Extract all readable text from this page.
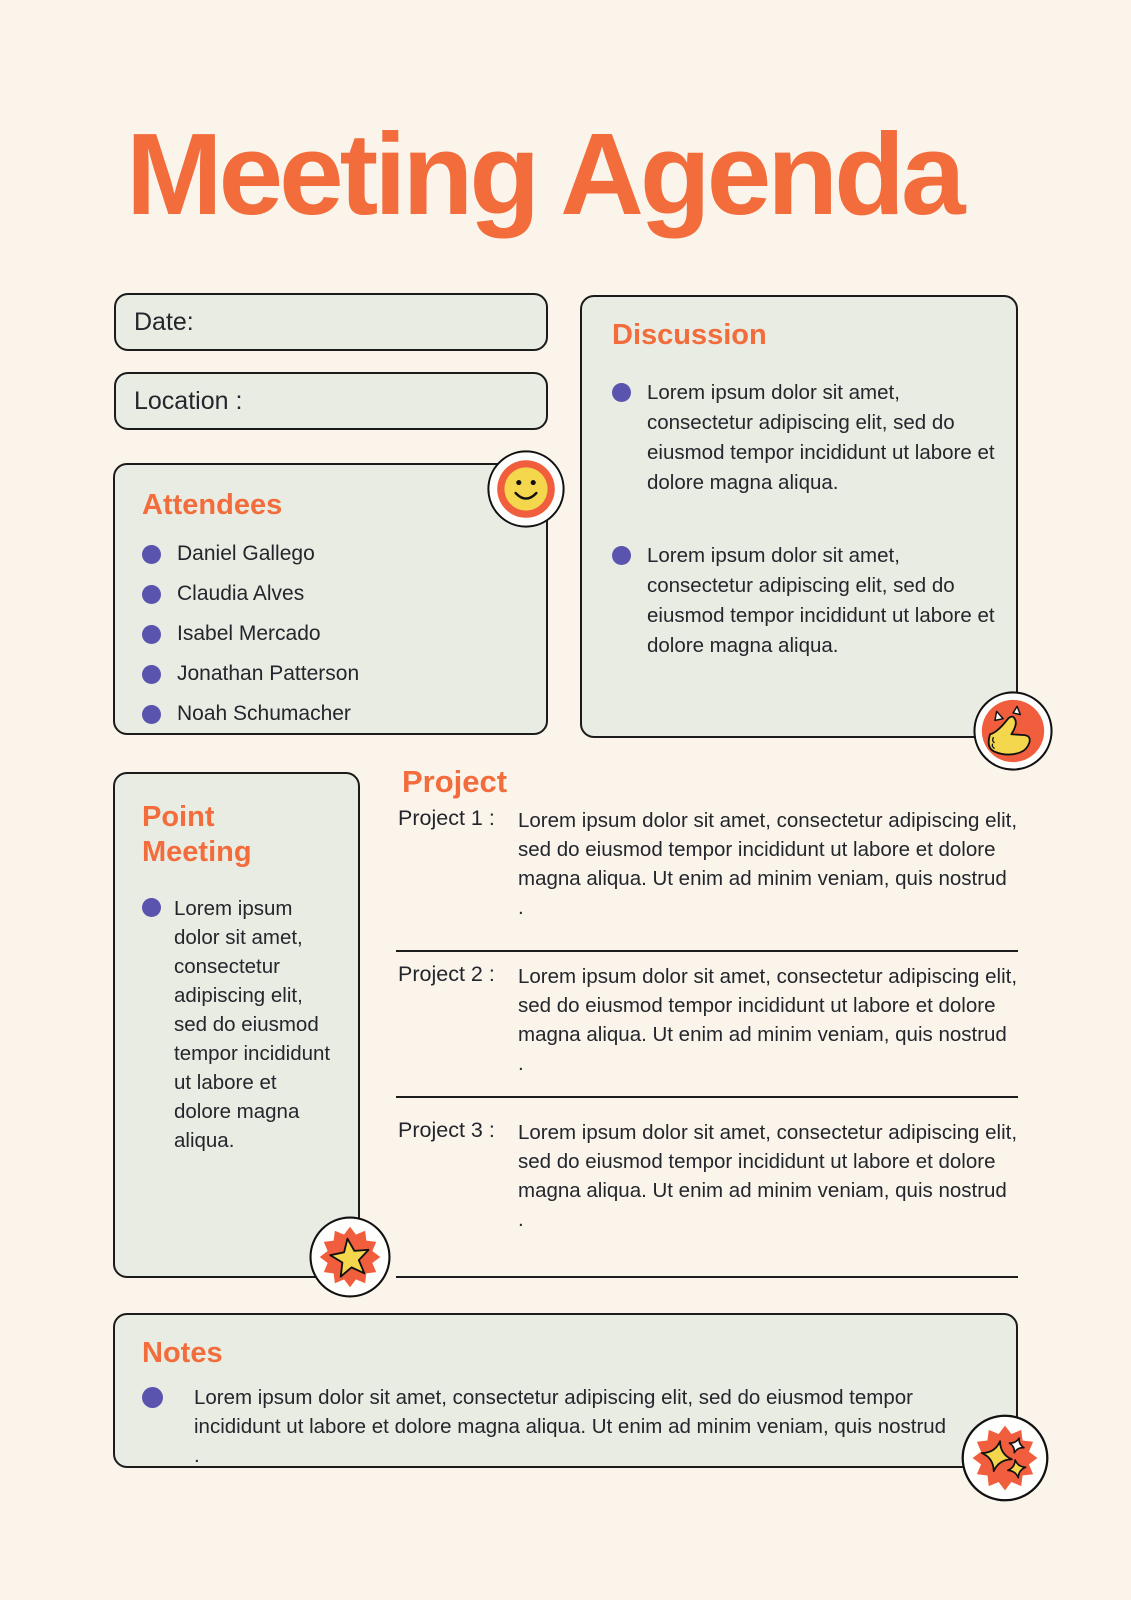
Meeting Agenda
Date:
Location :
Attendees
Daniel Gallego
Claudia Alves
Isabel Mercado
Jonathan Patterson
Noah Schumacher
Discussion
Lorem ipsum dolor sit amet, consectetur adipiscing elit, sed do eiusmod tempor incididunt ut labore et dolore magna aliqua.
Lorem ipsum dolor sit amet, consectetur adipiscing elit, sed do eiusmod tempor incididunt ut labore et dolore magna aliqua.
Point Meeting
Lorem ipsum dolor sit amet, consectetur adipiscing elit, sed do eiusmod tempor incididunt ut labore et dolore magna aliqua.
Project
Project 1 :	Lorem ipsum dolor sit amet, consectetur adipiscing elit, sed do eiusmod tempor incididunt ut labore et dolore magna aliqua. Ut enim ad minim veniam, quis nostrud .
Project 2 :	Lorem ipsum dolor sit amet, consectetur adipiscing elit, sed do eiusmod tempor incididunt ut labore et dolore magna aliqua. Ut enim ad minim veniam, quis nostrud .
Project 3 :	Lorem ipsum dolor sit amet, consectetur adipiscing elit, sed do eiusmod tempor incididunt ut labore et dolore magna aliqua. Ut enim ad minim veniam, quis nostrud .
Notes
Lorem ipsum dolor sit amet, consectetur adipiscing elit, sed do eiusmod tempor incididunt ut labore et dolore magna aliqua. Ut enim ad minim veniam, quis nostrud .
